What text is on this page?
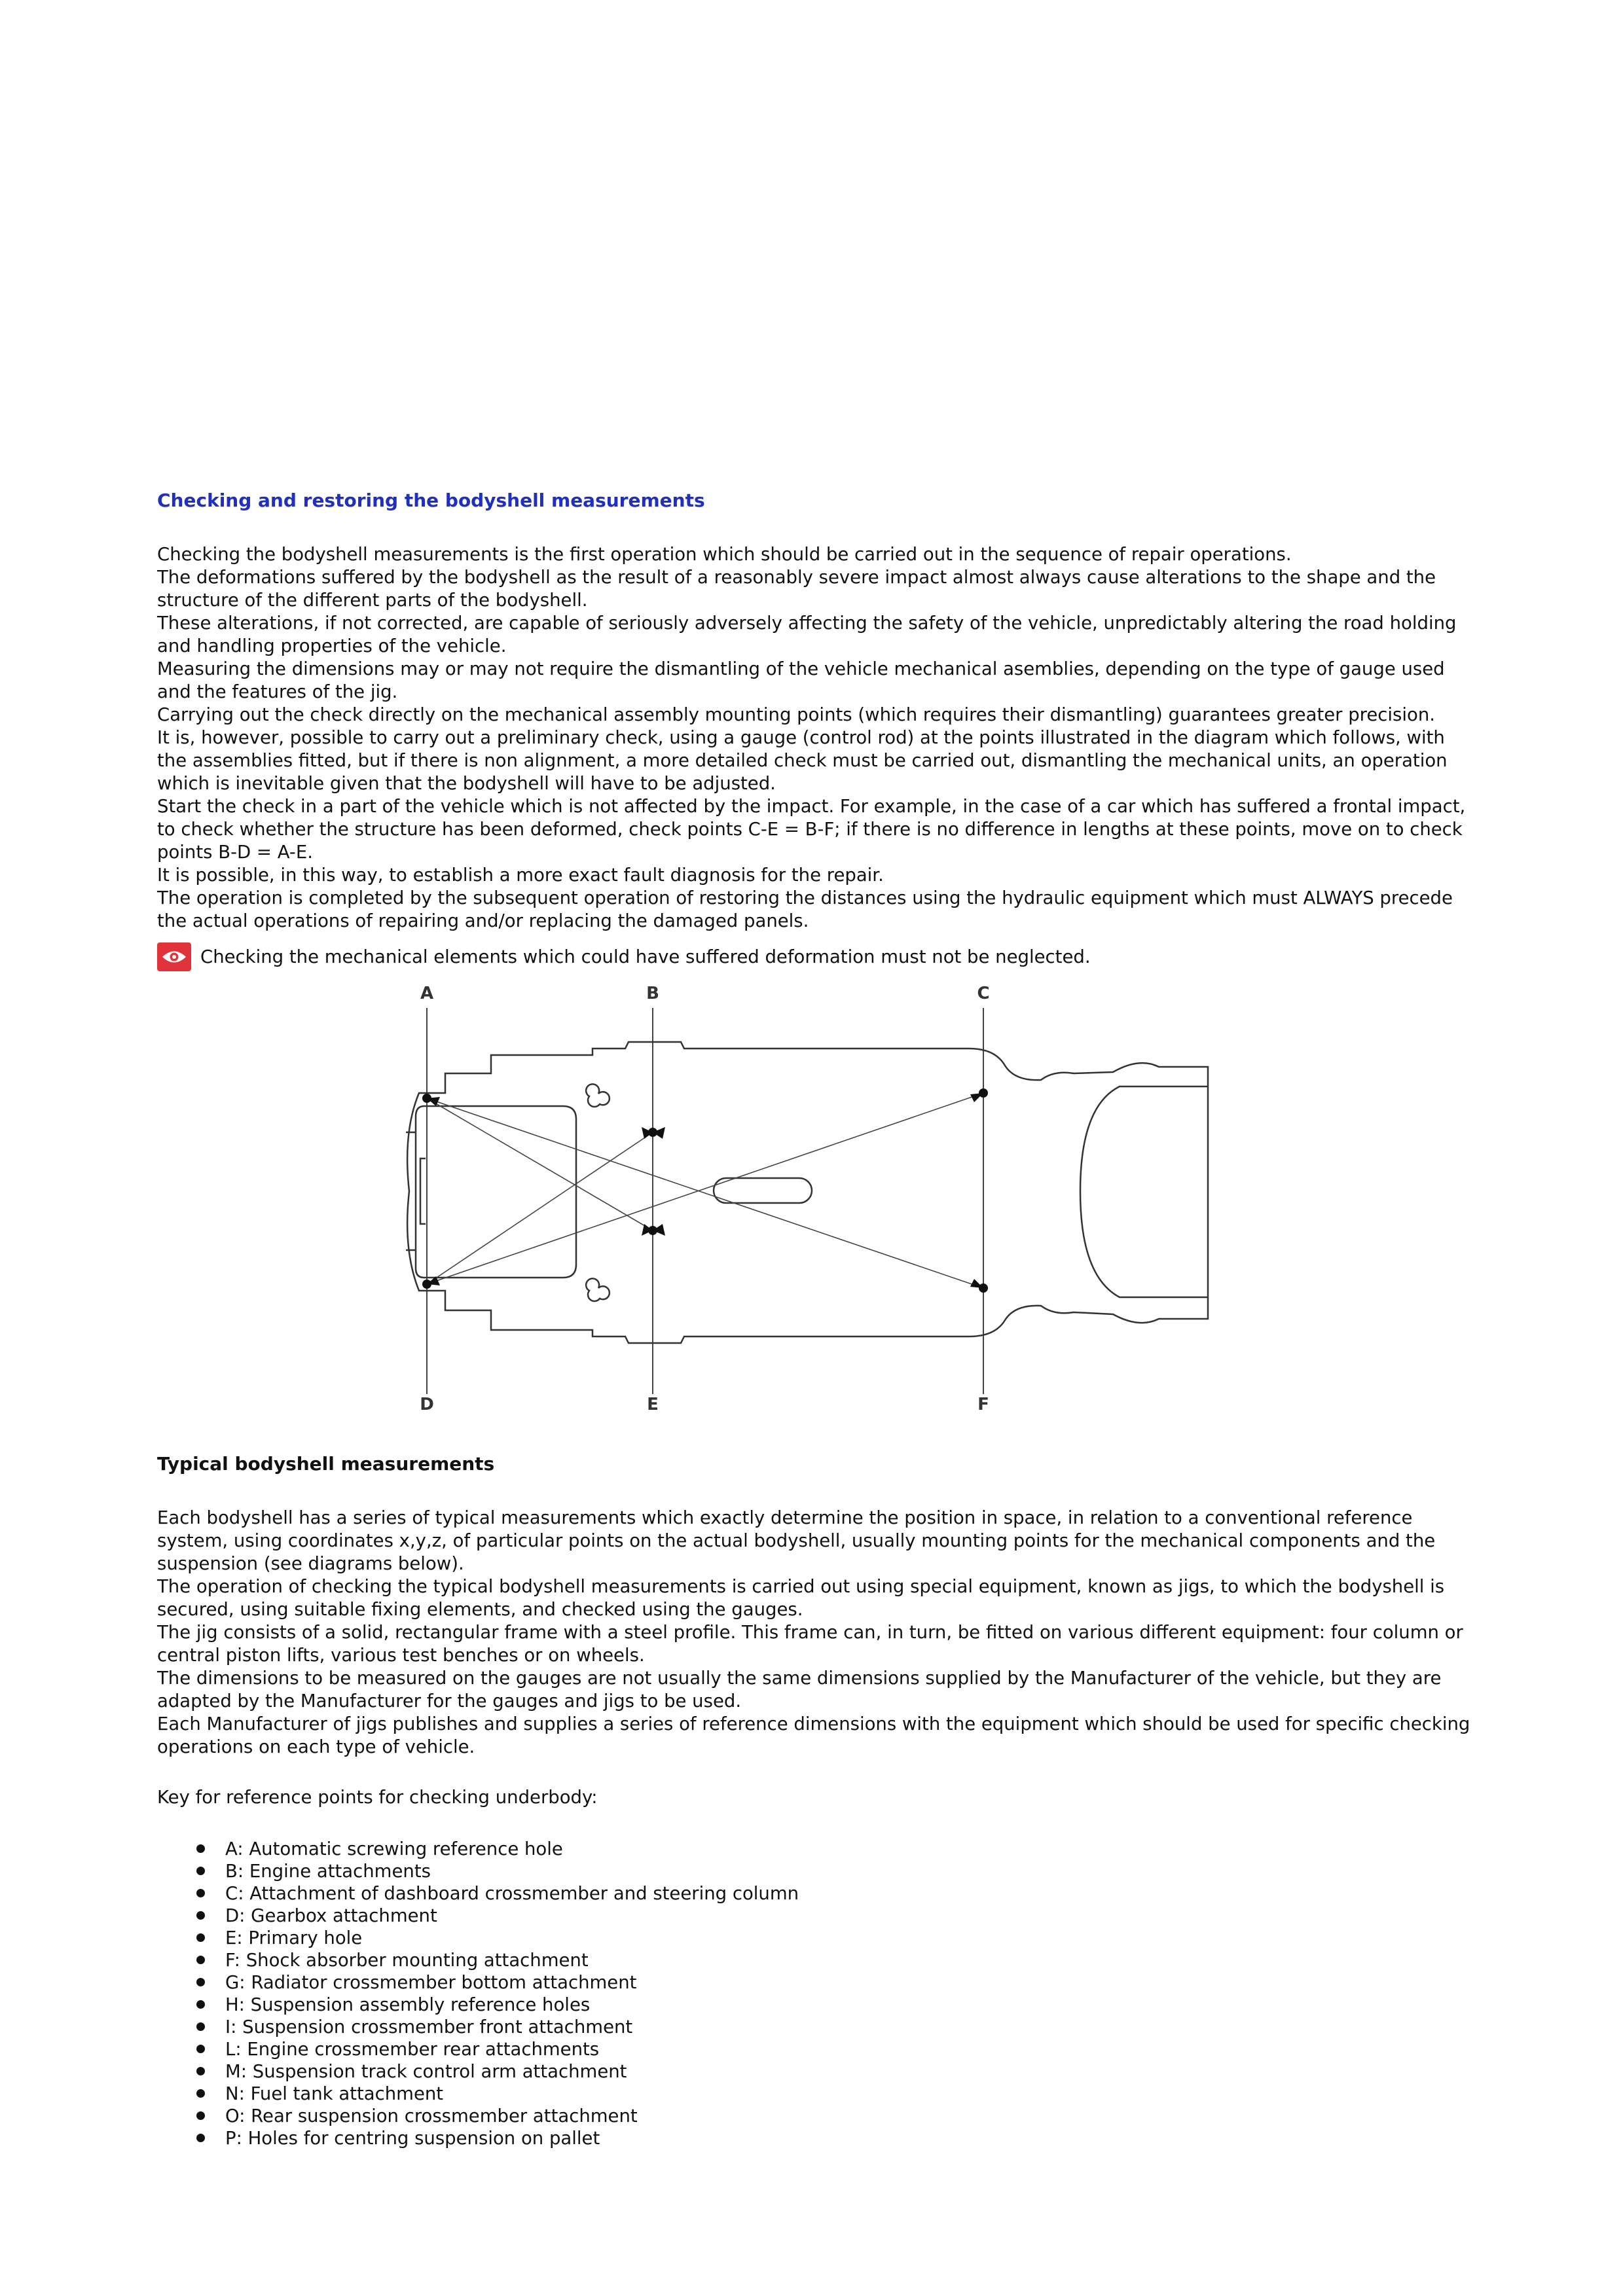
Checking and restoring the bodyshell measurements

Checking the bodyshell measurements is the first operation which should be carried out in the sequence of repair operations.

The deformations suffered by the bodyshell as the result of a reasonably severe impact almost always cause alterations to the shape and the structure of the different parts of the bodyshell.

These alterations, if not corrected, are capable of seriously adversely affecting the safety of the vehicle, unpredictably altering the road holding and handling properties of the vehicle.

Measuring the dimensions may or may not require the dismantling of the vehicle mechanical asemblies, depending on the type of gauge used and the features of the jig.

Carrying out the check directly on the mechanical assembly mounting points (which requires their dismantling) guarantees greater precision.

It is, however, possible to carry out a preliminary check, using a gauge (control rod) at the points illustrated in the diagram which follows, with the assemblies fitted, but if there is non alignment, a more detailed check must be carried out, dismantling the mechanical units, an operation which is inevitable given that the bodyshell will have to be adjusted.

Start the check in a part of the vehicle which is not affected by the impact. For example, in the case of a car which has suffered a frontal impact, to check whether the structure has been deformed, check points C-E = B-F; if there is no difference in lengths at these points, move on to check points B-D = A-E.

It is possible, in this way, to establish a more exact fault diagnosis for the repair.

The operation is completed by the subsequent operation of restoring the distances using the hydraulic equipment which must ALWAYS precede the actual operations of repairing and/or replacing the damaged panels.

Checking the mechanical elements which could have suffered deformation must not be neglected.
A	B	C
D	E	F
Typical bodyshell measurements

Each bodyshell has a series of typical measurements which exactly determine the position in space, in relation to a conventional reference system, using coordinates x,y,z, of particular points on the actual bodyshell, usually mounting points for the mechanical components and the suspension (see diagrams below).

The operation of checking the typical bodyshell measurements is carried out using special equipment, known as jigs, to which the bodyshell is secured, using suitable fixing elements, and checked using the gauges.

The jig consists of a solid, rectangular frame with a steel profile. This frame can, in turn, be fitted on various different equipment: four column or central piston lifts, various test benches or on wheels.

The dimensions to be measured on the gauges are not usually the same dimensions supplied by the Manufacturer of the vehicle, but they are adapted by the Manufacturer for the gauges and jigs to be used.

Each Manufacturer of jigs publishes and supplies a series of reference dimensions with the equipment which should be used for specific checking operations on each type of vehicle.

Key for reference points for checking underbody:

A: Automatic screwing reference hole
B: Engine attachments
C: Attachment of dashboard crossmember and steering column
D: Gearbox attachment
E: Primary hole
F: Shock absorber mounting attachment
G: Radiator crossmember bottom attachment
H: Suspension assembly reference holes
I: Suspension crossmember front attachment
L: Engine crossmember rear attachments
M: Suspension track control arm attachment
N: Fuel tank attachment
O: Rear suspension crossmember attachment
P: Holes for centring suspension on pallet
